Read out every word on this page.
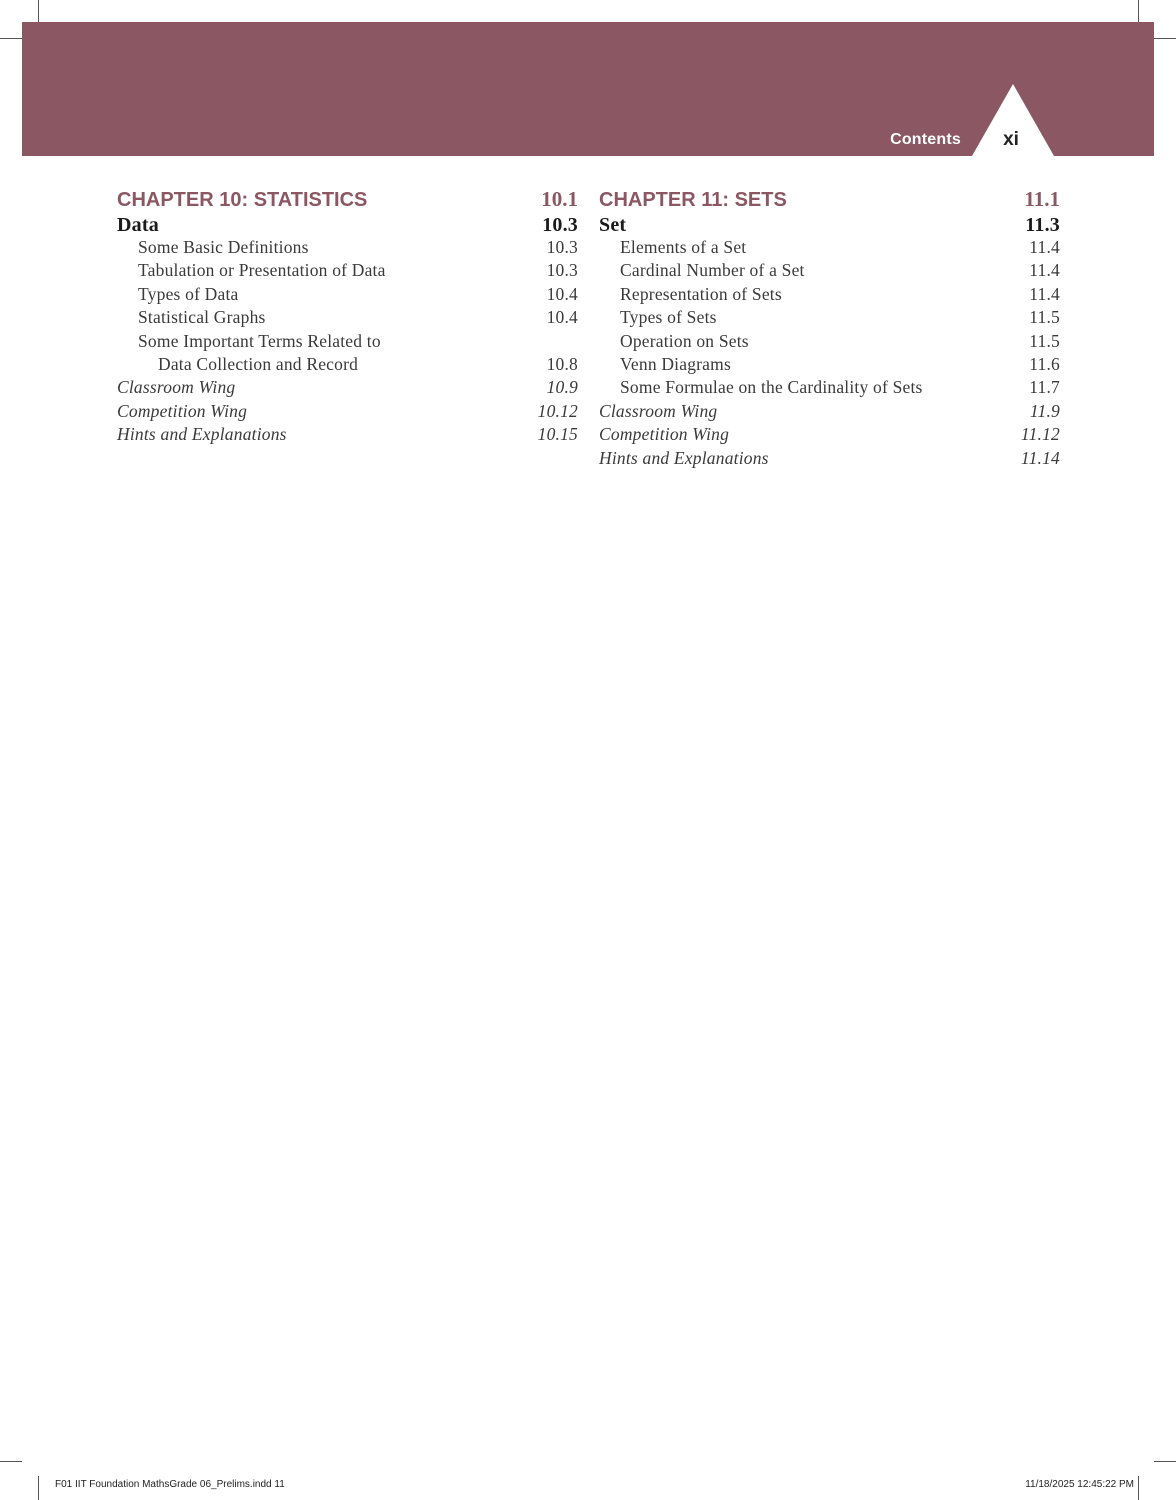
Contents xi
CHAPTER 10: STATISTICS	10.1
Data	10.3
Some Basic Definitions	10.3
Tabulation or Presentation of Data	10.3
Types of Data	10.4
Statistical Graphs	10.4
Some Important Terms Related to
Data Collection and Record	10.8
Classroom Wing	10.9
Competition Wing	10.12
Hints and Explanations	10.15
CHAPTER 11: SETS	11.1
Set	11.3
Elements of a Set	11.4
Cardinal Number of a Set	11.4
Representation of Sets	11.4
Types of Sets	11.5
Operation on Sets	11.5
Venn Diagrams	11.6
Some Formulae on the Cardinality of Sets	11.7
Classroom Wing	11.9
Competition Wing	11.12
Hints and Explanations	11.14
F01 IIT Foundation MathsGrade 06_Prelims.indd 11	11/18/2025 12:45:22 PM
